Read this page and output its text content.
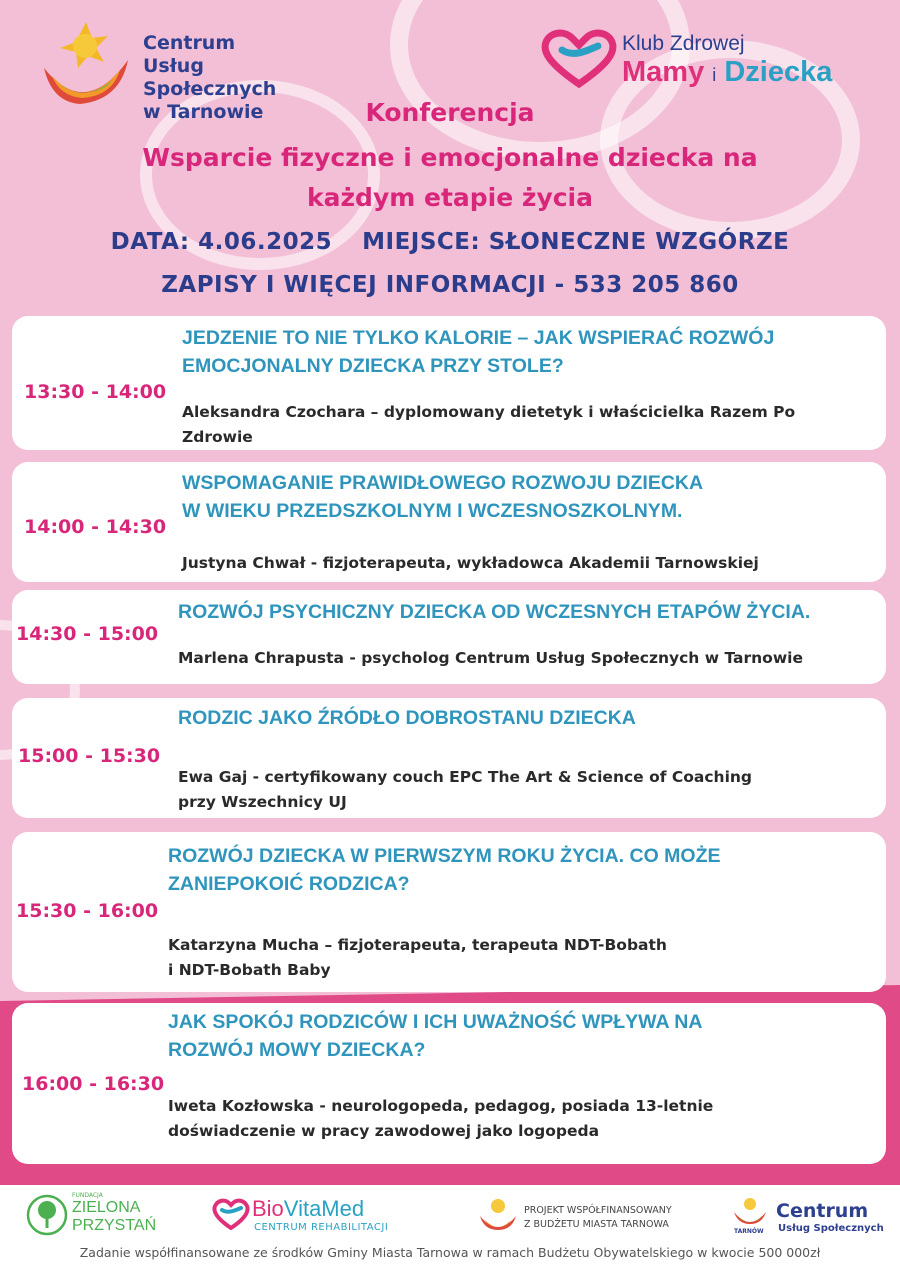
Centrum
Usług Społecznych
w Tarnowie
Klub Zdrowej
Mamy i Dziecka
Konferencja
Wsparcie fizyczne i emocjonalne dziecka na
każdym etapie życia
DATA: 4.06.2025 MIEJSCE: SŁONECZNE WZGÓRZE
ZAPISY I WIĘCEJ INFORMACJI - 533 205 860
13:30 - 14:00
JEDZENIE TO NIE TYLKO KALORIE – JAK WSPIERAĆ ROZWÓJ
EMOCJONALNY DZIECKA PRZY STOLE?
Aleksandra Czochara – dyplomowany dietetyk i właścicielka Razem Po
Zdrowie
14:00 - 14:30
WSPOMAGANIE PRAWIDŁOWEGO ROZWOJU DZIECKA
W WIEKU PRZEDSZKOLNYM I WCZESNOSZKOLNYM.
Justyna Chwał - fizjoterapeuta, wykładowca Akademii Tarnowskiej
14:30 - 15:00
ROZWÓJ PSYCHICZNY DZIECKA OD WCZESNYCH ETAPÓW ŻYCIA.
Marlena Chrapusta - psycholog Centrum Usług Społecznych w Tarnowie
15:00 - 15:30
RODZIC JAKO ŹRÓDŁO DOBROSTANU DZIECKA
Ewa Gaj - certyfikowany couch EPC The Art & Science of Coaching
przy Wszechnicy UJ
15:30 - 16:00
ROZWÓJ DZIECKA W PIERWSZYM ROKU ŻYCIA. CO MOŻE
ZANIEPOKOIĆ RODZICA?
Katarzyna Mucha – fizjoterapeuta, terapeuta NDT-Bobath
i NDT-Bobath Baby
16:00 - 16:30
JAK SPOKÓJ RODZICÓW I ICH UWAŻNOŚĆ WPŁYWA NA
ROZWÓJ MOWY DZIECKA?
Iweta Kozłowska - neurologopeda, pedagog, posiada 13-letnie
doświadczenie w pracy zawodowej jako logopeda
FUNDACJA
ZIELONA
PRZYSTAŃ
BioVitaMed
CENTRUM REHABILITACJI
PROJEKT WSPÓŁFINANSOWANY
Z BUDŻETU MIASTA TARNOWA
TARNÓW
Centrum
Usług Społecznych
Zadanie współfinansowane ze środków Gminy Miasta Tarnowa w ramach Budżetu Obywatelskiego w kwocie 500 000zł
